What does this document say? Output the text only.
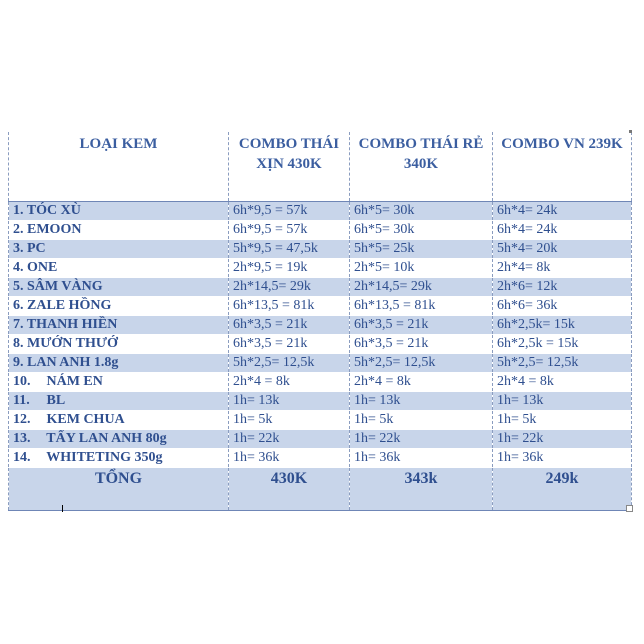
LOẠI KEM	COMBO THÁI XỊN 430K	COMBO THÁI RẺ 340K	COMBO VN 239K
1. TÓC XÙ	6h*9,5 = 57k	6h*5= 30k	6h*4= 24k
2. EMOON	6h*9,5 = 57k	6h*5= 30k	6h*4= 24k
3. PC	5h*9,5 = 47,5k	5h*5= 25k	5h*4= 20k
4. ONE	2h*9,5 = 19k	2h*5= 10k	2h*4= 8k
5. SÂM VÀNG	2h*14,5= 29k	2h*14,5= 29k	2h*6= 12k
6. ZALE HỒNG	6h*13,5 = 81k	6h*13,5 = 81k	6h*6= 36k
7. THANH HIỀN	6h*3,5 = 21k	6h*3,5 = 21k	6h*2,5k= 15k
8. MƯỚN THƯỚ	6h*3,5 = 21k	6h*3,5 = 21k	6h*2,5k = 15k
9. LAN ANH 1.8g	5h*2,5= 12,5k	5h*2,5= 12,5k	5h*2,5= 12,5k
10. NÁM EN	2h*4 = 8k	2h*4 = 8k	2h*4 = 8k
11. BL	1h= 13k	1h= 13k	1h= 13k
12. KEM CHUA	1h= 5k	1h= 5k	1h= 5k
13. TẨY LAN ANH 80g	1h= 22k	1h= 22k	1h= 22k
14. WHITETING 350g	1h= 36k	1h= 36k	1h= 36k
TỔNG	430K	343k	249k
